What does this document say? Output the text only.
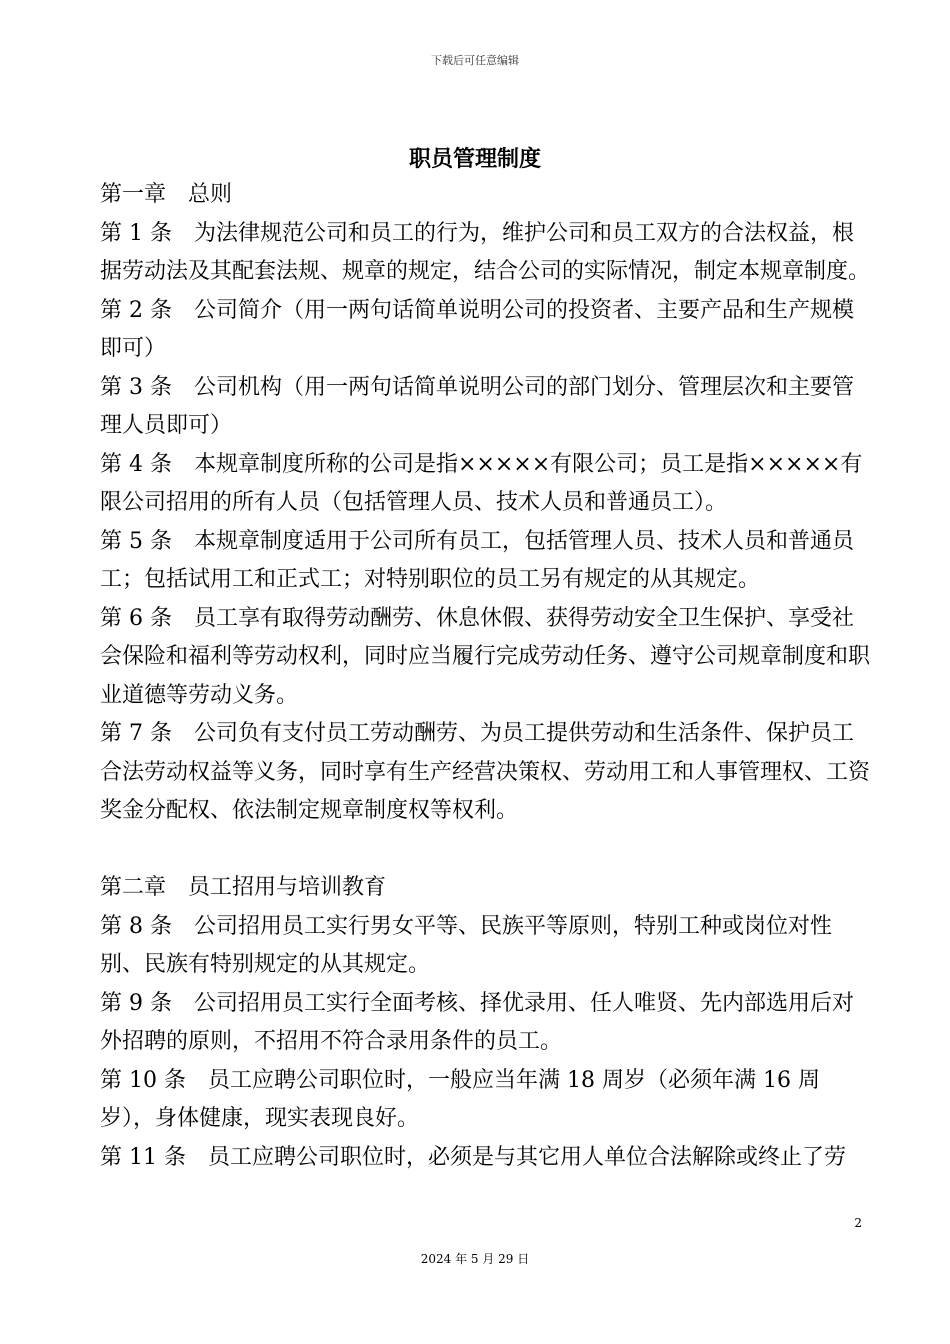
下载后可任意编辑
职员管理制度

第一章 总则

第 1 条 为法律规范公司和员工的行为，维护公司和员工双方的合法权益，根据劳动法及其配套法规、规章的规定，结合公司的实际情况，制定本规章制度。

第 2 条 公司简介（用一两句话简单说明公司的投资者、主要产品和生产规模即可）

第 3 条 公司机构（用一两句话简单说明公司的部门划分、管理层次和主要管理人员即可）

第 4 条 本规章制度所称的公司是指×××××有限公司；员工是指×××××有限公司招用的所有人员（包括管理人员、技术人员和普通员工）。

第 5 条 本规章制度适用于公司所有员工，包括管理人员、技术人员和普通员工；包括试用工和正式工；对特别职位的员工另有规定的从其规定。

第 6 条 员工享有取得劳动酬劳、休息休假、获得劳动安全卫生保护、享受社会保险和福利等劳动权利，同时应当履行完成劳动任务、遵守公司规章制度和职业道德等劳动义务。

第 7 条 公司负有支付员工劳动酬劳、为员工提供劳动和生活条件、保护员工合法劳动权益等义务，同时享有生产经营决策权、劳动用工和人事管理权、工资奖金分配权、依法制定规章制度权等权利。

第二章 员工招用与培训教育

第 8 条 公司招用员工实行男女平等、民族平等原则，特别工种或岗位对性别、民族有特别规定的从其规定。

第 9 条 公司招用员工实行全面考核、择优录用、任人唯贤、先内部选用后对外招聘的原则，不招用不符合录用条件的员工。

第 10 条 员工应聘公司职位时，一般应当年满 18 周岁（必须年满 16 周岁），身体健康，现实表现良好。

第 11 条 员工应聘公司职位时，必须是与其它用人单位合法解除或终止了劳

2
2024 年 5 月 29 日
